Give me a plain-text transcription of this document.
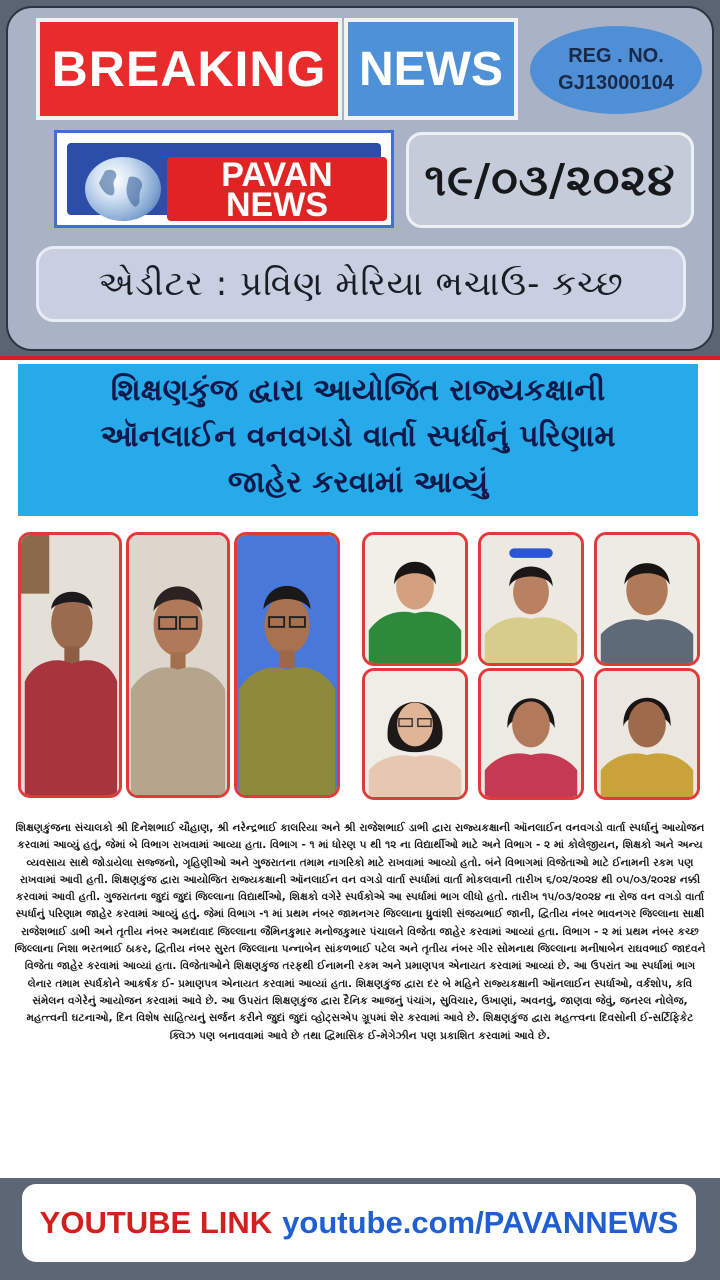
BREAKING NEWS	REG . NO.
GJ13000104
PAVAN
NEWS	૧૯/૦૩/૨૦૨૪
એડીટર : પ્રવિણ મેરિયા ભચાઉ- કચ્છ
શિક્ષણકુંજ દ્વારા આયોજિત રાજ્યકક્ષાની
ઑનલાઈન વનવગડો વાર્તા સ્પર્ધાનું પરિણામ
જાહેર કરવામાં આવ્યું

શિક્ષણકુંજના સંચાલકો શ્રી દિનેશભાઈ ચૌહાણ, શ્રી નરેન્દ્રભાઈ કાલરિયા અને શ્રી રાજેશભાઈ ડાભી દ્વારા રાજ્યકક્ષાની ઑનલાઈન વનવગડો વાર્તા સ્પર્ધાનું આયોજન કરવામાં આવ્યું હતું, જેમાં બે વિભાગ રાખવામાં આવ્યા હતા. વિભાગ - ૧ માં ધોરણ ૫ થી ૧૨ ના વિદ્યાર્થીઓ માટે અને વિભાગ - ૨ માં કોલેજીયન, શિક્ષકો અને અન્ય વ્યવસાય સાથે જોડાયેલા સજ્જનો, ગૃહિણીઓ અને ગુજરાતના તમામ નાગરિકો માટે રાખવામાં આવ્યો હતો. બંને વિભાગમાં વિજેતાઓ માટે ઈનામની રકમ પણ રાખવામાં આવી હતી. શિક્ષણકુંજ દ્વારા આયોજિત રાજ્યકક્ષાની ઑનલાઈન વન વગડો વાર્તા સ્પર્ધામાં વાર્તા મોકલવાની તારીખ ૬/૦૨/૨૦૨૪ થી ૦૫/૦૩/૨૦૨૪ નક્કી કરવામાં આવી હતી. ગુજરાતના જુદાં જુદાં જિલ્લાના વિદ્યાર્થીઓ, શિક્ષકો વગેરે સ્પર્ધકોએ આ સ્પર્ધામાં ભાગ લીધો હતો. તારીખ ૧૫/૦૩/૨૦૨૪ ના રોજ વન વગડો વાર્તા સ્પર્ધાનું પરિણામ જાહેર કરવામાં આવ્યું હતું. જેમાં વિભાગ -૧ માં પ્રથમ નંબર જામનગર જિલ્લાના ધ્રુવાંશી સંજયભાઈ જાની, દ્વિતીય નંબર ભાવનગર જિલ્લાના સાક્ષી રાજેશભાઈ ડાભી અને તૃતીય નંબર અમદાવાદ જિલ્લાના જૈમિનકુમાર મનોજકુમાર પંચાલને વિજેતા જાહેર કરવામાં આવ્યાં હતા. વિભાગ - ૨ માં પ્રથમ નંબર કચ્છ જિલ્લાના નિશા ભરતભાઈ ઠાકર, દ્વિતીય નંબર સુરત જિલ્લાના પન્નાબેન સાંકળભાઈ પટેલ અને તૃતીય નંબર ગીર સોમનાથ જિલ્લાના મનીષાબેન રાઘવભાઈ જાદવને વિજેતા જાહેર કરવામાં આવ્યાં હતા. વિજેતાઓને શિક્ષણકુંજ તરફથી ઈનામની રકમ અને પ્રમાણપત્ર એનાયત કરવામાં આવ્યાં છે. આ ઉપરાંત આ સ્પર્ધામાં ભાગ લેનાર તમામ સ્પર્ધકોને આકર્ષક ઈ- પ્રમાણપત્ર એનાયત કરવામાં આવ્યાં હતા. શિક્ષણકુંજ દ્વારા દર બે મહિને રાજ્યકક્ષાની ઑનલાઈન સ્પર્ધાઓ, વર્કશોપ, કવિ સંમેલન વગેરેનું આયોજન કરવામાં આવે છે. આ ઉપરાંત શિક્ષણકુંજ દ્વારા દૈનિક આજનું પંચાંગ, સુવિચાર, ઉખાણાં, અવનવું, જાણવા જેવું, જનરલ નોલેજ, મહત્ત્વની ઘટનાઓ, દિન વિશેષ સાહિત્યનું સર્જન કરીને જુદાં જુદાં વ્હોટ્સએપ ગ્રૂપમાં શેર કરવામાં આવે છે. શિક્ષણકુંજ દ્વારા મહત્ત્વના દિવસોની ઈ-સર્ટિફિકેટ ક્વિઝ પણ બનાવવામાં આવે છે તથા દ્વિમાસિક ઈ-મેગેઝીન પણ પ્રકાશિત કરવામાં આવે છે.

YOUTUBE LINK youtube.com/PAVANNEWS
